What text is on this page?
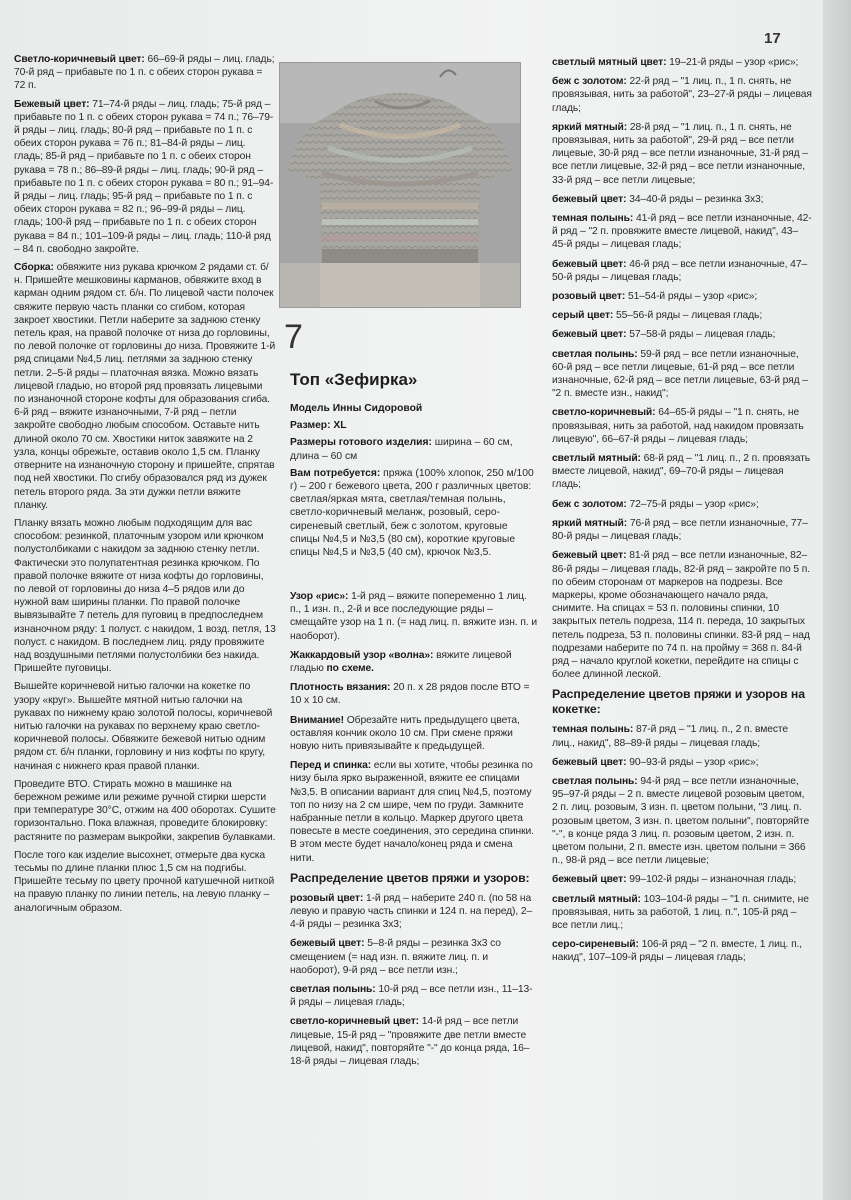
17

Светло-коричневый цвет: 66–69-й ряды – лиц. гладь; 70-й ряд – прибавьте по 1 п. с обеих сторон рукава = 72 п.

Бежевый цвет: 71–74-й ряды – лиц. гладь; 75-й ряд – прибавьте по 1 п. с обеих сторон рукава = 74 п.; 76–79-й ряды – лиц. гладь; 80-й ряд – прибавьте по 1 п. с обеих сторон рукава = 76 п.; 81–84-й ряды – лиц. гладь; 85-й ряд – прибавьте по 1 п. с обеих сторон рукава = 78 п.; 86–89-й ряды – лиц. гладь; 90-й ряд – прибавьте по 1 п. с обеих сторон рукава = 80 п.; 91–94-й ряды – лиц. гладь; 95-й ряд – прибавьте по 1 п. с обеих сторон рукава = 82 п.; 96–99-й ряды – лиц. гладь; 100-й ряд – прибавьте по 1 п. с обеих сторон рукава = 84 п.; 101–109-й ряды – лиц. гладь; 110-й ряд – 84 п. свободно закройте.

Сборка: обвяжите низ рукава крючком 2 рядами ст. б/н. Пришейте мешковины карманов, обвяжите вход в карман одним рядом ст. б/н. По лицевой части полочек свяжите первую часть планки со сгибом, которая закроет хвостики. Петли наберите за заднюю стенку петель края, на правой полочке от низа до горловины, по левой полочке от горловины до низа. Провяжите 1-й ряд спицами №4,5 лиц. петлями за заднюю стенку петли. 2–5-й ряды – платочная вязка. Можно вязать лицевой гладью, но второй ряд провязать лицевыми по изнаночной стороне кофты для образования сгиба. 6-й ряд – вяжите изнаночными, 7-й ряд – петли закройте свободно любым способом. Оставьте нить длиной около 70 см. Хвостики ниток завяжите на 2 узла, концы обрежьте, оставив около 1,5 см. Планку отверните на изнаночную сторону и пришейте, спрятав под ней хвостики. По сгибу образовался ряд из дужек петель второго ряда. За эти дужки петли вяжите планку.

Планку вязать можно любым подходящим для вас способом: резинкой, платочным узором или крючком полустолбиками с накидом за заднюю стенку петли. Фактически это полупатентная резинка крючком. По правой полочке вяжите от низа кофты до горловины, по левой от горловины до низа 4–5 рядов или до нужной вам ширины планки. По правой полочке вывязывайте 7 петель для пуговиц в предпоследнем изнаночном ряду: 1 полуст. с накидом, 1 возд. петля, 13 полуст. с накидом. В последнем лиц. ряду провяжите над воздушными петлями полустолбики без накида. Пришейте пуговицы.

Вышейте коричневой нитью галочки на кокетке по узору «круг». Вышейте мятной нитью галочки на рукавах по нижнему краю золотой полосы, коричневой нитью галочки на рукавах по верхнему краю светло-коричневой полосы. Обвяжите бежевой нитью одним рядом ст. б/н планки, горловину и низ кофты по кругу, начиная с нижнего края правой планки.

Проведите ВТО. Стирать можно в машинке на бережном режиме или режиме ручной стирки шерсти при температуре 30°С, отжим на 400 оборотах. Сушите горизонтально. Пока влажная, проведите блокировку: растяните по размерам выкройки, закрепив булавками.

После того как изделие высохнет, отмерьте два куска тесьмы по длине планки плюс 1,5 см на подгибы. Пришейте тесьму по цвету прочной катушечной ниткой на правую планку по линии петель, на левую планку – аналогичным образом.

7
Топ «Зефирка»

Модель Инны Сидоровой

Размер: XL

Размеры готового изделия: ширина – 60 см, длина – 60 см

Вам потребуется: пряжа (100% хлопок, 250 м/100 г) – 200 г бежевого цвета, 200 г различных цветов: светлая/яркая мята, светлая/темная полынь, светло-коричневый меланж, розовый, серо-сиреневый светлый, беж с золотом, круговые спицы №4,5 и №3,5 (80 см), короткие круговые спицы №4,5 и №3,5 (40 см), крючок №3,5.

Узор «рис»: 1-й ряд – вяжите попеременно 1 лиц. п., 1 изн. п., 2-й и все последующие ряды – смещайте узор на 1 п. (= над лиц. п. вяжите изн. п. и наоборот).

Жаккардовый узор «волна»: вяжите лицевой гладью по схеме.

Плотность вязания: 20 п. х 28 рядов после ВТО = 10 х 10 см.

Внимание! Обрезайте нить предыдущего цвета, оставляя кончик около 10 см. При смене пряжи новую нить привязывайте к предыдущей.

Перед и спинка: если вы хотите, чтобы резинка по низу была ярко выраженной, вяжите ее спицами №3,5. В описании вариант для спиц №4,5, поэтому топ по низу на 2 см шире, чем по груди. Замкните набранные петли в кольцо. Маркер другого цвета повесьте в месте соединения, это середина спинки. В этом месте будет начало/конец ряда и смена нити.

Распределение цветов пряжи и узоров:

розовый цвет: 1-й ряд – наберите 240 п. (по 58 на левую и правую часть спинки и 124 п. на перед), 2–4-й ряды – резинка 3х3;

бежевый цвет: 5–8-й ряды – резинка 3х3 со смещением (= над изн. п. вяжите лиц. п. и наоборот), 9-й ряд – все петли изн.;

светлая полынь: 10-й ряд – все петли изн., 11–13-й ряды – лицевая гладь;

светло-коричневый цвет: 14-й ряд – все петли лицевые, 15-й ряд – "провяжите две петли вместе лицевой, накид", повторяйте "-" до конца ряда, 16–18-й ряды – лицевая гладь;

светлый мятный цвет: 19–21-й ряды – узор «рис»;

беж с золотом: 22-й ряд – "1 лиц. п., 1 п. снять, не провязывая, нить за работой", 23–27-й ряды – лицевая гладь;

яркий мятный: 28-й ряд – "1 лиц. п., 1 п. снять, не провязывая, нить за работой", 29-й ряд – все петли лицевые, 30-й ряд – все петли изнаночные, 31-й ряд – все петли лицевые, 32-й ряд – все петли изнаночные, 33-й ряд – все петли лицевые;

бежевый цвет: 34–40-й ряды – резинка 3х3;

темная полынь: 41-й ряд – все петли изнаночные, 42-й ряд – "2 п. провяжите вместе лицевой, накид", 43–45-й ряды – лицевая гладь;

бежевый цвет: 46-й ряд – все петли изнаночные, 47–50-й ряды – лицевая гладь;

розовый цвет: 51–54-й ряды – узор «рис»;

серый цвет: 55–56-й ряды – лицевая гладь;

бежевый цвет: 57–58-й ряды – лицевая гладь;

светлая полынь: 59-й ряд – все петли изнаночные, 60-й ряд – все петли лицевые, 61-й ряд – все петли изнаночные, 62-й ряд – все петли лицевые, 63-й ряд – "2 п. вместе изн., накид";

светло-коричневый: 64–65-й ряды – "1 п. снять, не провязывая, нить за работой, над накидом провязать лицевую", 66–67-й ряды – лицевая гладь;

светлый мятный: 68-й ряд – "1 лиц. п., 2 п. провязать вместе лицевой, накид", 69–70-й ряды – лицевая гладь;

беж с золотом: 72–75-й ряды – узор «рис»;

яркий мятный: 76-й ряд – все петли изнаночные, 77–80-й ряды – лицевая гладь;

бежевый цвет: 81-й ряд – все петли изнаночные, 82–86-й ряды – лицевая гладь, 82-й ряд – закройте по 5 п. по обеим сторонам от маркеров на подрезы. Все маркеры, кроме обозначающего начало ряда, снимите. На спицах = 53 п. половины спинки, 10 закрытых петель подреза, 114 п. переда, 10 закрытых петель подреза, 53 п. половины спинки. 83-й ряд – над подрезами наберите по 74 п. на пройму = 368 п. 84-й ряд – начало круглой кокетки, перейдите на спицы с более длинной леской.

Распределение цветов пряжи и узоров на кокетке:

темная полынь: 87-й ряд – "1 лиц. п., 2 п. вместе лиц., накид", 88–89-й ряды – лицевая гладь;

бежевый цвет: 90–93-й ряды – узор «рис»;

светлая полынь: 94-й ряд – все петли изнаночные, 95–97-й ряды – 2 п. вместе лицевой розовым цветом, 2 п. лиц. розовым, 3 изн. п. цветом полыни, "3 лиц. п. розовым цветом, 3 изн. п. цветом полыни", повторяйте "-", в конце ряда 3 лиц. п. розовым цветом, 2 изн. п. цветом полыни, 2 п. вместе изн. цветом полыни = 366 п., 98-й ряд – все петли лицевые;

бежевый цвет: 99–102-й ряды – изнаночная гладь;

светлый мятный: 103–104-й ряды – "1 п. снимите, не провязывая, нить за работой, 1 лиц. п.", 105-й ряд – все петли лиц.;

серо-сиреневый: 106-й ряд – "2 п. вместе, 1 лиц. п., накид", 107–109-й ряды – лицевая гладь;
